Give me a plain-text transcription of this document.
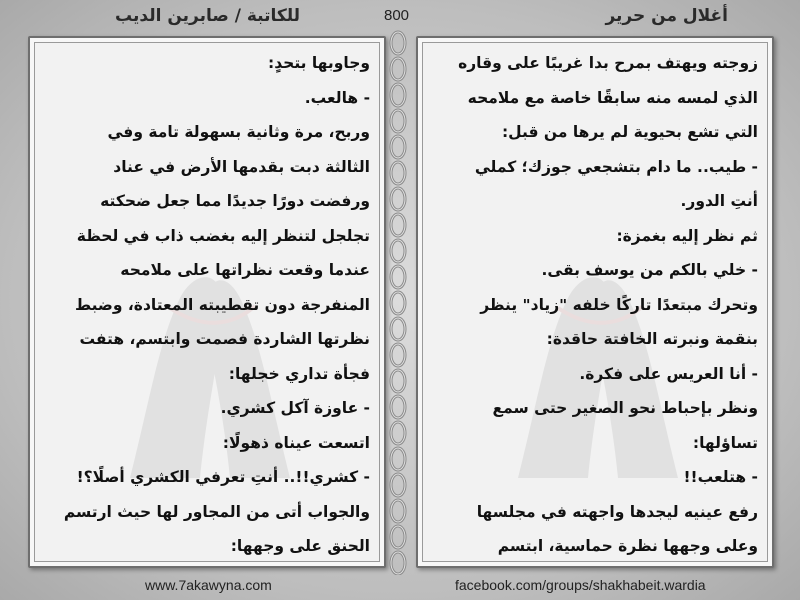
للكاتبة / صابرين الديب	800	أغلال من حرير

وجاوبها بتحدٍ:

- هالعب.

وربح، مرة وثانية بسهولة تامة وفي

الثالثة دبت بقدمها الأرض في عناد

ورفضت دورًا جديدًا مما جعل ضحكته

تجلجل لتنظر إليه بغضب ذاب في لحظة

عندما وقعت نظراتها على ملامحه

المنفرجة دون تقطيبته المعتادة، وضبط

نظرتها الشاردة فصمت وابتسم، هتفت

فجأة تداري خجلها:

- عاوزة آكل كشري.

اتسعت عيناه ذهولًا:

- كشري!!.. أنتِ تعرفي الكشري أصلًا؟!

والجواب أتى من المجاور لها حيث ارتسم

الحنق على وجهها:

زوجته ويهتف بمرح بدا غريبًا على وقاره

الذي لمسه منه سابقًا خاصة مع ملامحه

التي تشع بحيوية لم يرها من قبل:

- طيب.. ما دام بتشجعي جوزك؛ كملي

أنتِ الدور.

ثم نظر إليه بغمزة:

- خلي بالكم من يوسف بقى.

وتحرك مبتعدًا تاركًا خلفه "زياد" ينظر

بنقمة ونبرته الخافتة حاقدة:

- أنا العريس على فكرة.

ونظر بإحباط نحو الصغير حتى سمع

تساؤلها:

- هتلعب!!

رفع عينيه ليجدها واجهته في مجلسها

وعلى وجهها نظرة حماسية، ابتسم

www.7akawyna.com	facebook.com/groups/shakhabeit.wardia
